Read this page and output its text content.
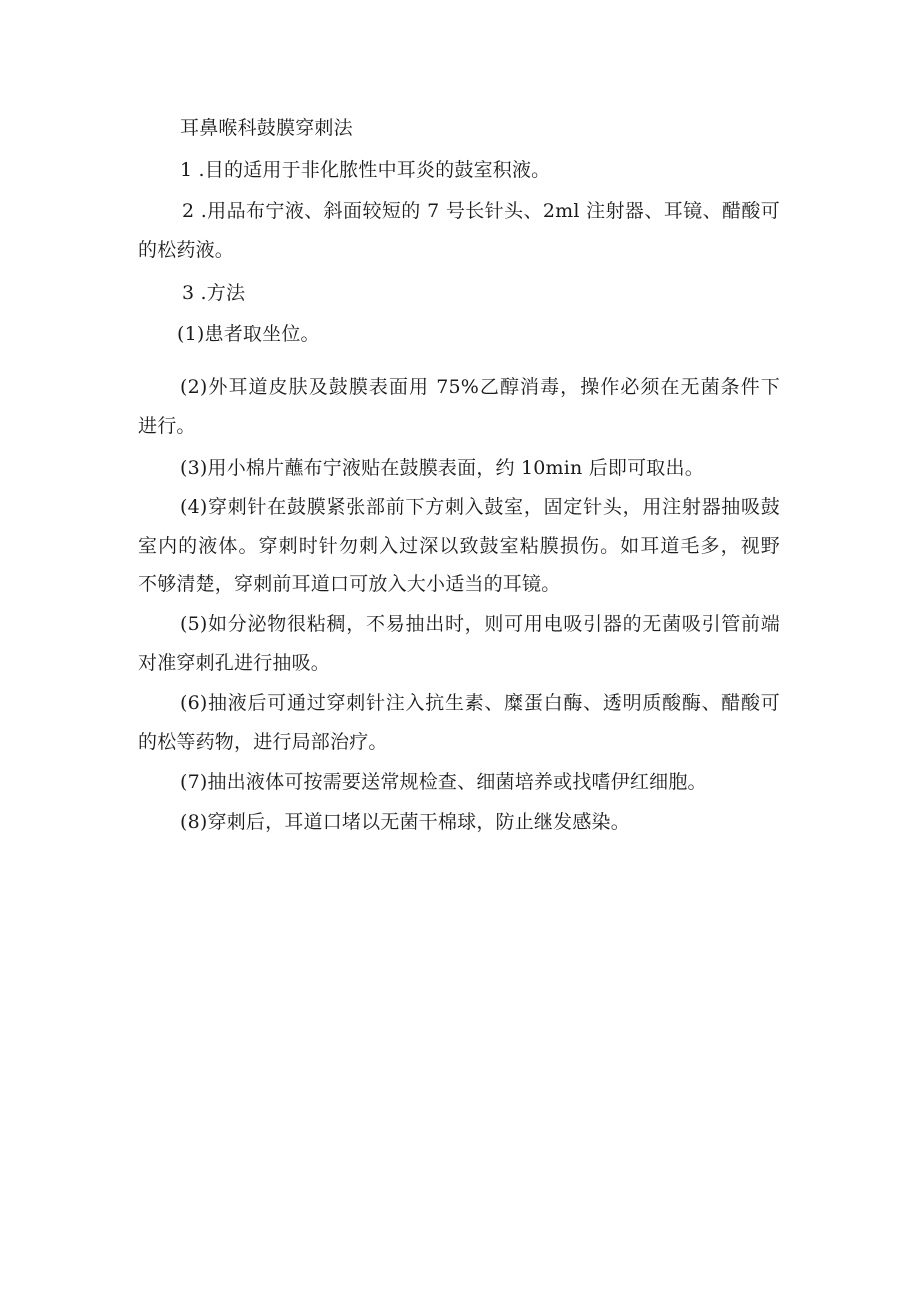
耳鼻喉科鼓膜穿刺法
1 .目的适用于非化脓性中耳炎的鼓室积液。
2 .用品布宁液、斜面较短的 7 号长针头、2ml 注射器、耳镜、醋酸可
的松药液。
3 .方法
(1)患者取坐位。
(2)外耳道皮肤及鼓膜表面用 75%乙醇消毒，操作必须在无菌条件下
进行。
(3)用小棉片蘸布宁液贴在鼓膜表面，约 10min 后即可取出。
(4)穿刺针在鼓膜紧张部前下方刺入鼓室，固定针头，用注射器抽吸鼓
室内的液体。穿刺时针勿刺入过深以致鼓室粘膜损伤。如耳道毛多，视野
不够清楚，穿刺前耳道口可放入大小适当的耳镜。
(5)如分泌物很粘稠，不易抽出时，则可用电吸引器的无菌吸引管前端
对准穿刺孔进行抽吸。
(6)抽液后可通过穿刺针注入抗生素、糜蛋白酶、透明质酸酶、醋酸可
的松等药物，进行局部治疗。
(7)抽出液体可按需要送常规检查、细菌培养或找嗜伊红细胞。
(8)穿刺后，耳道口堵以无菌干棉球，防止继发感染。
